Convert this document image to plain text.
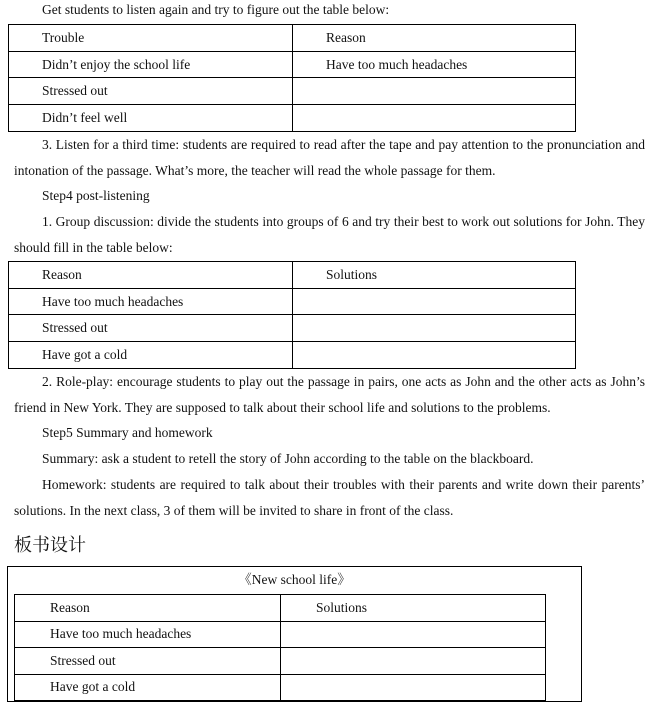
Get students to listen again and try to figure out the table below:
Trouble	Reason
Didn’t enjoy the school life	Have too much headaches
Stressed out	
Didn’t feel well	
3. Listen for a third time: students are required to read after the tape and pay attention to the pronunciation and intonation of the passage. What’s more, the teacher will read the whole passage for them.
Step4 post-listening
1. Group discussion: divide the students into groups of 6 and try their best to work out solutions for John. They should fill in the table below:
Reason	Solutions
Have too much headaches	
Stressed out	
Have got a cold	
2. Role-play: encourage students to play out the passage in pairs, one acts as John and the other acts as John’s friend in New York. They are supposed to talk about their school life and solutions to the problems.
Step5 Summary and homework
Summary: ask a student to retell the story of John according to the table on the blackboard.
Homework: students are required to talk about their troubles with their parents and write down their parents’ solutions. In the next class, 3 of them will be invited to share in front of the class.
板书设计
《New school life》
Reason	Solutions
Have too much headaches	
Stressed out	
Have got a cold	
